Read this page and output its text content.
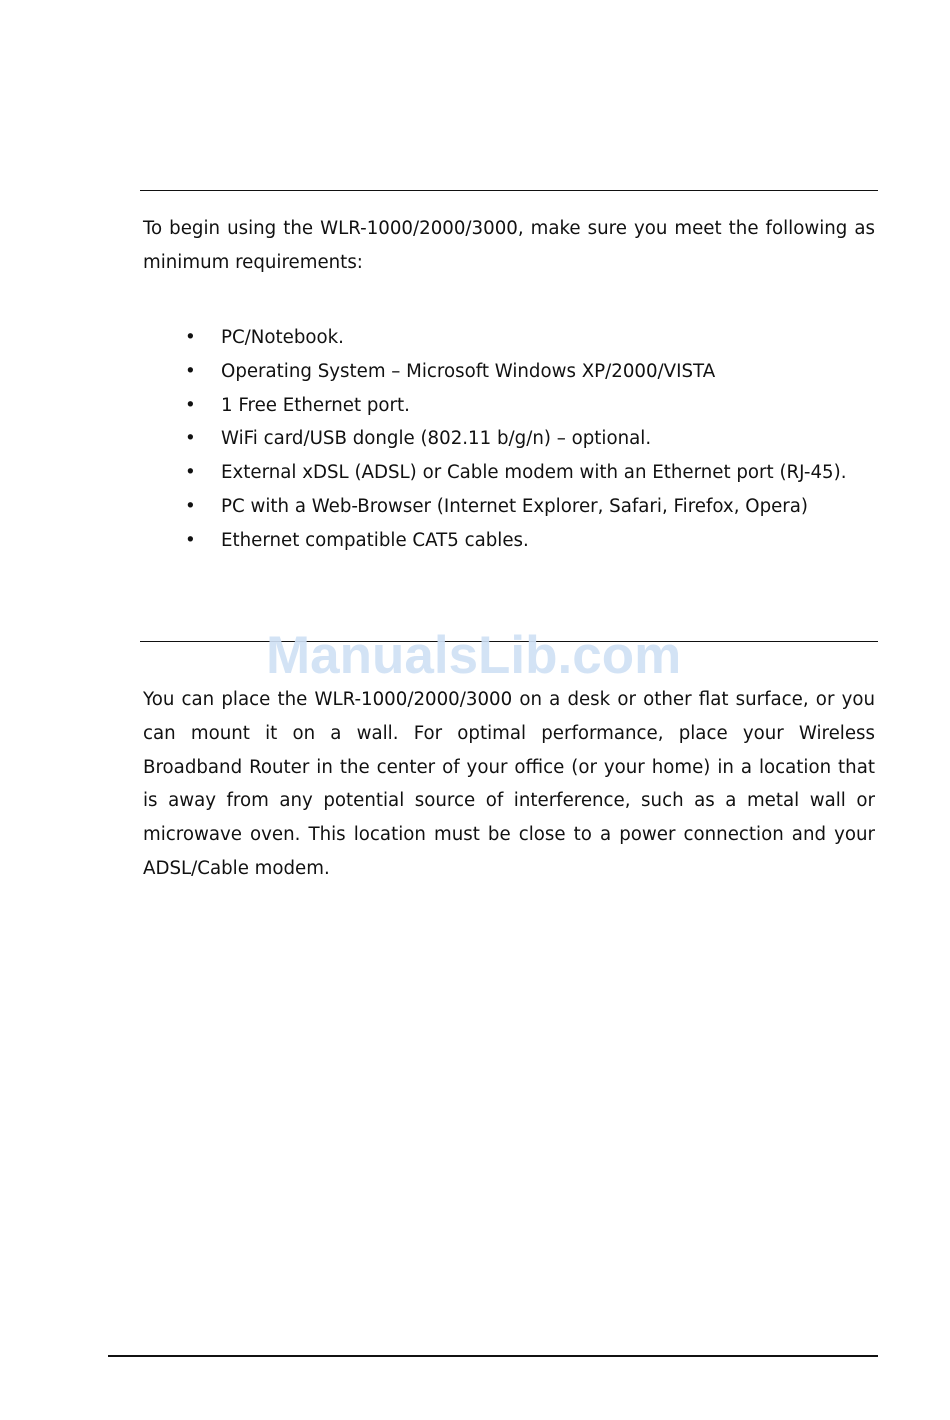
To begin using the WLR-1000/2000/3000, make sure you meet the following as minimum requirements:

• PC/Notebook.
• Operating System – Microsoft Windows XP/2000/VISTA
• 1 Free Ethernet port.
• WiFi card/USB dongle (802.11 b/g/n) – optional.
• External xDSL (ADSL) or Cable modem with an Ethernet port (RJ-45).
• PC with a Web-Browser (Internet Explorer, Safari, Firefox, Opera)
• Ethernet compatible CAT5 cables.
ManualsLib.com

You can place the WLR-1000/2000/3000 on a desk or other flat surface, or you can mount it on a wall. For optimal performance, place your Wireless Broadband Router in the center of your office (or your home) in a location that is away from any potential source of interference, such as a metal wall or microwave oven. This location must be close to a power connection and your ADSL/Cable modem.
